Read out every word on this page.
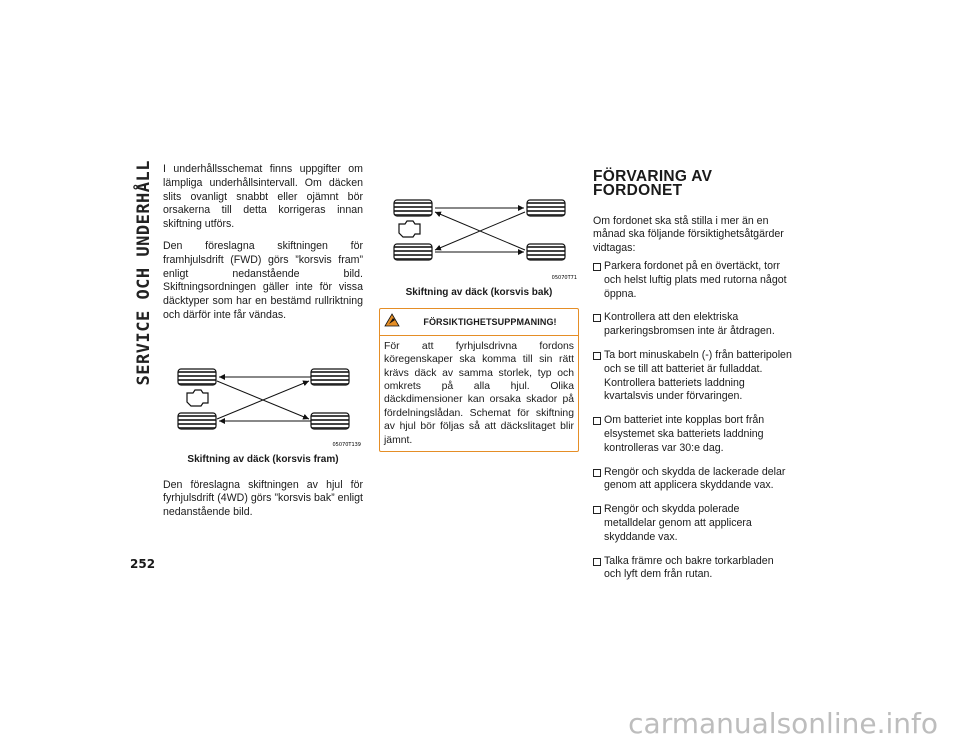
SERVICE OCH UNDERHÅLL I underhållsschemat finns uppgifter om lämpliga underhållsintervall. Om däcken slits ovanligt snabbt eller ojämnt bör orsakerna till detta korrigeras innan skiftning utförs.

Den föreslagna skiftningen för framhjulsdrift (FWD) görs ”korsvis fram” enligt nedanstående bild. Skiftningsordningen gäller inte för vissa däcktyper som har en bestämd rullriktning och därför inte får vändas.

05070T139
Skiftning av däck (korsvis fram)

Den föreslagna skiftningen av hjul för fyrhjulsdrift (4WD) görs ”korsvis bak” enligt nedanstående bild.

05070T71
Skiftning av däck (korsvis bak)
FÖRSIKTIGHETSUPPMANING!
För att fyrhjulsdrivna fordons köregenskaper ska komma till sin rätt krävs däck av samma storlek, typ och omkrets på alla hjul. Olika däckdimensioner kan orsaka skador på fördelningslådan. Schemat för skiftning av hjul bör följas så att däckslitaget blir jämnt.
FÖRVARING AV FORDONET

Om fordonet ska stå stilla i mer än en månad ska följande försiktighetsåtgärder vidtagas:

Parkera fordonet på en övertäckt, torr och helst luftig plats med rutorna något öppna.
Kontrollera att den elektriska parkeringsbromsen inte är åtdragen.
Ta bort minuskabeln (-) från batteripolen och se till att batteriet är fulladdat. Kontrollera batteriets laddning kvartalsvis under förvaringen.
Om batteriet inte kopplas bort från elsystemet ska batteriets laddning kontrolleras var 30:e dag.
Rengör och skydda de lackerade delar genom att applicera skyddande vax.
Rengör och skydda polerade metalldelar genom att applicera skyddande vax.
Talka främre och bakre torkarbladen och lyft dem från rutan.
252
carmanualsonline.info
